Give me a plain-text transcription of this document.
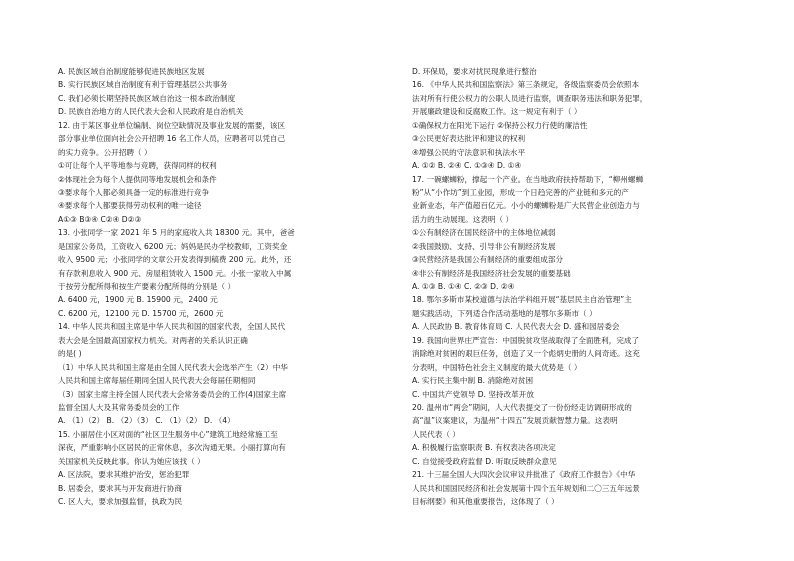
A. 民族区域自治制度能够促进民族地区发展
B. 实行民族区域自治制度有利于管理基层公共事务
C. 我们必须长期坚持民族区域自治这一根本政治制度
D. 民族自治地方的人民代表大会和人民政府是自治机关
12. 由于某区事业单位编制、岗位空缺情况及事业发展的需要，该区
部分事业单位面向社会公开招聘 16 名工作人员，应聘者可以凭自己
的实力竞争。公开招聘（ ）
①可让每个人平等地参与竞聘，获得同样的权利
②体现社会为每个人提供同等地发展机会和条件
③要求每个人都必须具备一定的标准进行竞争
④要求每个人都要获得劳动权利的唯一途径
A①③ B③④ C②④ D②③
13. 小张同学一家 2021 年 5 月的家庭收入共 18300 元。其中，爸爸
是国家公务员，工资收入 6200 元；妈妈是民办学校教师，工资奖金
收入 9500 元；小张同学的文章公开发表得到稿费 200 元。此外，还
有存款利息收入 900 元、房屋租赁收入 1500 元。小张一家收入中属
于按劳分配所得和按生产要素分配所得的分别是（ ）
A. 6400 元，1900 元 B. 15900 元，2400 元
C. 6200 元，12100 元 D. 15700 元，2600 元
14. 中华人民共和国主席是中华人民共和国的国家代表，全国人民代
表大会是全国最高国家权力机关。对两者的关系认识正确
的是( )
（1）中华人民共和国主席是由全国人民代表大会选举产生（2）中华
人民共和国主席每届任期同全国人民代表大会每届任期相同
（3）国家主席主持全国人民代表大会常务委员会的工作(4)国家主席
监督全国人大及其常务委员会的工作
A. （1）（2） B. （2）（3） C. （1）（2） D. （4）
15. 小丽居住小区对面的“社区卫生服务中心”建筑工地经常施工至
深夜，严重影响小区居民的正常休息，多次沟通无果。小丽打算向有
关国家机关反映此事。你认为她应该找（ ）
A. 区法院，要求其维护治安，惩治犯罪
B. 居委会，要求其与开发商进行协商
C. 区人大，要求加强监督，执政为民
D. 环保局，要求对扰民现象进行整治
16. 《中华人民共和国监察法》第三条规定，各级监察委员会依照本
法对所有行使公权力的公职人员进行监察，调查职务违法和职务犯罪，
开展廉政建设和反腐败工作。这一规定有利于（ ）
①确保权力在阳光下运行 ②保持公权力行使的廉洁性
③公民更好表达批评和建议的权利
④增强公民的守法意识和执法水平
A. ①② B. ②④ C. ①③④ D. ①④
17. 一碗螺蛳粉，撑起一个产业。在当地政府扶持帮助下，“柳州螺蛳
粉”从“小作坊”到工业园，形成一个日趋完善的产业链和多元的产
业新业态，年产值超百亿元。小小的螺蛳粉是广大民营企业创造力与
活力的生动展现。这表明（ ）
①公有制经济在国民经济中的主体地位减弱
②我国鼓励、支持、引导非公有制经济发展
③民营经济是我国公有制经济的重要组成部分
④非公有制经济是我国经济社会发展的重要基础
A. ①③ B. ①④ C. ②③ D. ②④
18. 鄂尔多斯市某校道德与法治学科组开展“基层民主自治管理”主
题实践活动，下列适合作活动基地的是鄂尔多斯市（ ）
A. 人民政协 B. 教育体育局 C. 人民代表大会 D. 盛和园居委会
19. 我国向世界庄严宣告：中国脱贫攻坚战取得了全面胜利，完成了
消除绝对贫困的艰巨任务，创造了又一个彪炳史册的人间奇迹。这充
分表明，中国特色社会主义制度的最大优势是（ ）
A. 实行民主集中制 B. 消除绝对贫困
C. 中国共产党领导 D. 坚持改革开放
20. 温州市“两会”期间，人大代表提交了一份份经走访调研形成的
高“温”议案建议，为温州“十四五”发展贡献智慧力量。这表明
人民代表（ ）
A. 积极履行监察职责 B. 有权表决各项决定
C. 自觉接受政府监督 D. 听取反映群众意见
21. 十三届全国人大四次会议审议并批准了《政府工作报告》《中华
人民共和国国民经济和社会发展第十四个五年规划和二〇三五年远景
目标纲要》和其他重要报告，这体现了（ ）
